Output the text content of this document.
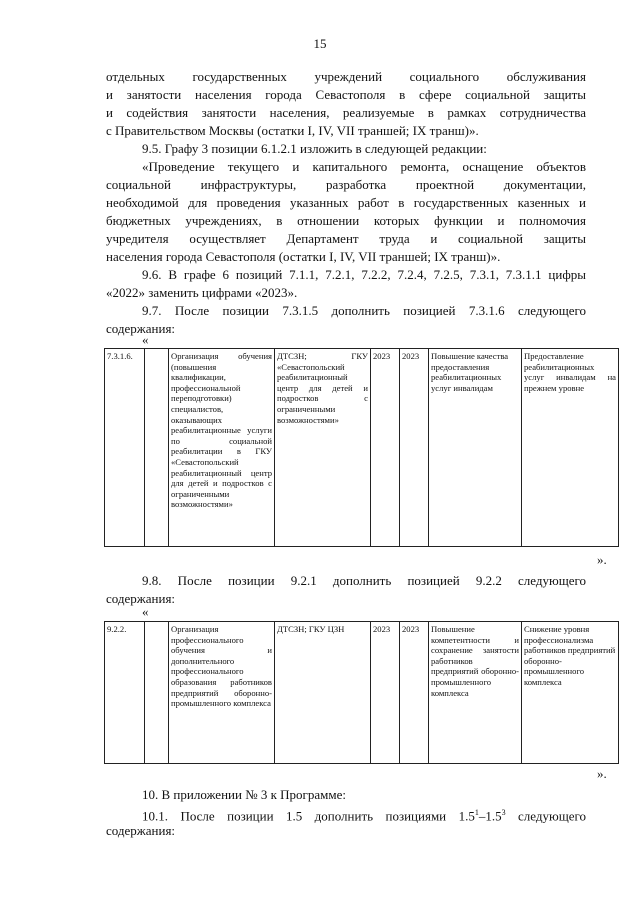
15

отдельных государственных учреждений социального обслуживания

и занятости населения города Севастополя в сфере социальной защиты

и содействия занятости населения, реализуемые в рамках сотрудничества

с Правительством Москвы (остатки I, IV, VII траншей; IX транш)».

9.5. Графу 3 позиции 6.1.2.1 изложить в следующей редакции:

«Проведение текущего и капитального ремонта, оснащение объектов

социальной инфраструктуры, разработка проектной документации,

необходимой для проведения указанных работ в государственных казенных и

бюджетных учреждениях, в отношении которых функции и полномочия

учредителя осуществляет Департамент труда и социальной защиты

населения города Севастополя (остатки I, IV, VII траншей; IX транш)».

9.6. В графе 6 позиций 7.1.1, 7.2.1, 7.2.2, 7.2.4, 7.2.5, 7.3.1, 7.3.1.1 цифры

«2022» заменить цифрами «2023».

9.7. После позиции 7.3.1.5 дополнить позицией 7.3.1.6 следующего

содержания:

«
7.3.1.6.		Организация обучения (повышения квалификации, профессиональной переподготовки) специалистов, оказывающих реабилитационные услуги по социальной реабилитации в ГКУ «Севастопольский реабилитационный центр для детей и подростков с ограниченными возможностями»	ДТСЗН; ГКУ «Севастопольский реабилитационный центр для детей и подростков с ограниченными возможностями»	2023	2023	Повышение качества предоставления реабилитационных услуг инвалидам	Предоставление реабилитационных услуг инвалидам на прежнем уровне
».

9.8. После позиции 9.2.1 дополнить позицией 9.2.2 следующего

содержания:

«
9.2.2.		Организация профессионального обучения и дополнительного профессионального образования работников предприятий оборонно-промышленного комплекса	ДТСЗН; ГКУ ЦЗН	2023	2023	Повышение компетентности и сохранение занятости работников предприятий оборонно-промышленного комплекса	Снижение уровня профессионализма работников предприятий оборонно-промышленного комплекса
».

10. В приложении № 3 к Программе:

10.1. После позиции 1.5 дополнить позициями $1.5^1-1.5^3$ следующего

содержания:
